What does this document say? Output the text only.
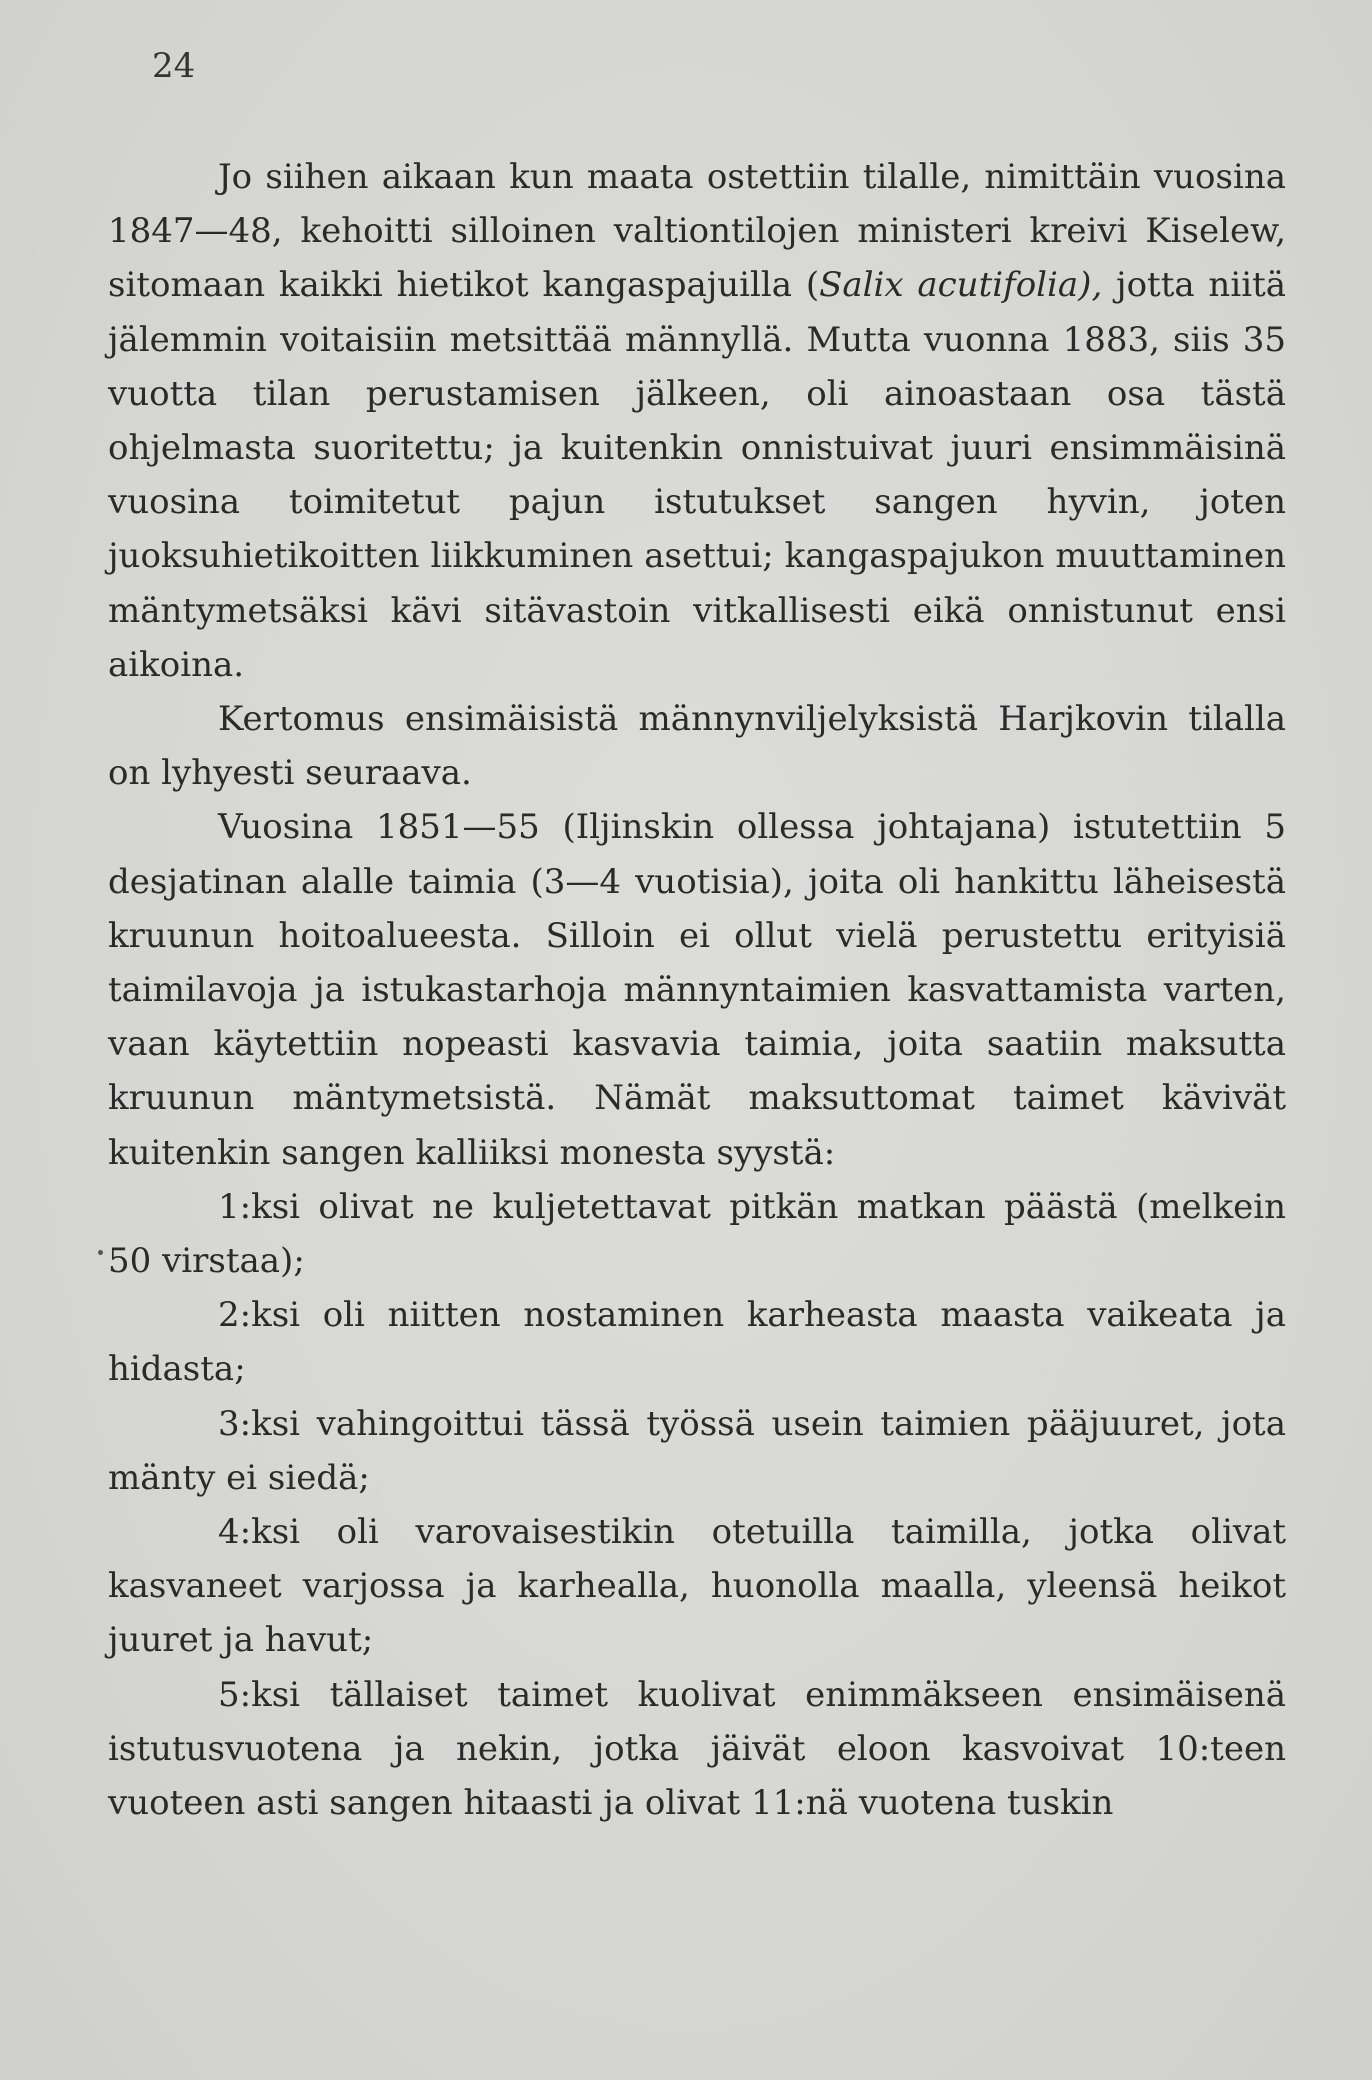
24

Jo siihen aikaan kun maata ostettiin tilalle, nimittäin vuosina 1847—48, kehoitti silloinen valtiontilojen ministeri kreivi Kiselew, sitomaan kaikki hietikot kangaspajuilla (Salix acutifolia), jotta niitä jälemmin voitaisiin metsittää männyllä. Mutta vuonna 1883, siis 35 vuotta tilan perustamisen jälkeen, oli ainoastaan osa tästä ohjelmasta suoritettu; ja kuitenkin onnistuivat juuri ensimmäisinä vuosina toimitetut pajun istutukset sangen hyvin, joten juoksuhietikoitten liikkuminen asettui; kangaspajukon muuttaminen mäntymetsäksi kävi sitävastoin vitkallisesti eikä onnistunut ensi aikoina.

Kertomus ensimäisistä männynviljelyksistä Harjkovin tilalla on lyhyesti seuraava.

Vuosina 1851—55 (Iljinskin ollessa johtajana) istutettiin 5 desjatinan alalle taimia (3—4 vuotisia), joita oli hankittu läheisestä kruunun hoitoalueesta. Silloin ei ollut vielä perustettu erityisiä taimilavoja ja istukastarhoja männyntaimien kasvattamista varten, vaan käytettiin nopeasti kasvavia taimia, joita saatiin maksutta kruunun mäntymetsistä. Nämät maksuttomat taimet kävivät kuitenkin sangen kalliiksi monesta syystä:

1:ksi olivat ne kuljetettavat pitkän matkan päästä (melkein 50 virstaa);

2:ksi oli niitten nostaminen karheasta maasta vaikeata ja hidasta;

3:ksi vahingoittui tässä työssä usein taimien pääjuuret, jota mänty ei siedä;

4:ksi oli varovaisestikin otetuilla taimilla, jotka olivat kasvaneet varjossa ja karhealla, huonolla maalla, yleensä heikot juuret ja havut;

5:ksi tällaiset taimet kuolivat enimmäkseen ensimäisenä istutusvuotena ja nekin, jotka jäivät eloon kasvoivat 10:teen vuoteen asti sangen hitaasti ja olivat 11:nä vuotena tuskin
